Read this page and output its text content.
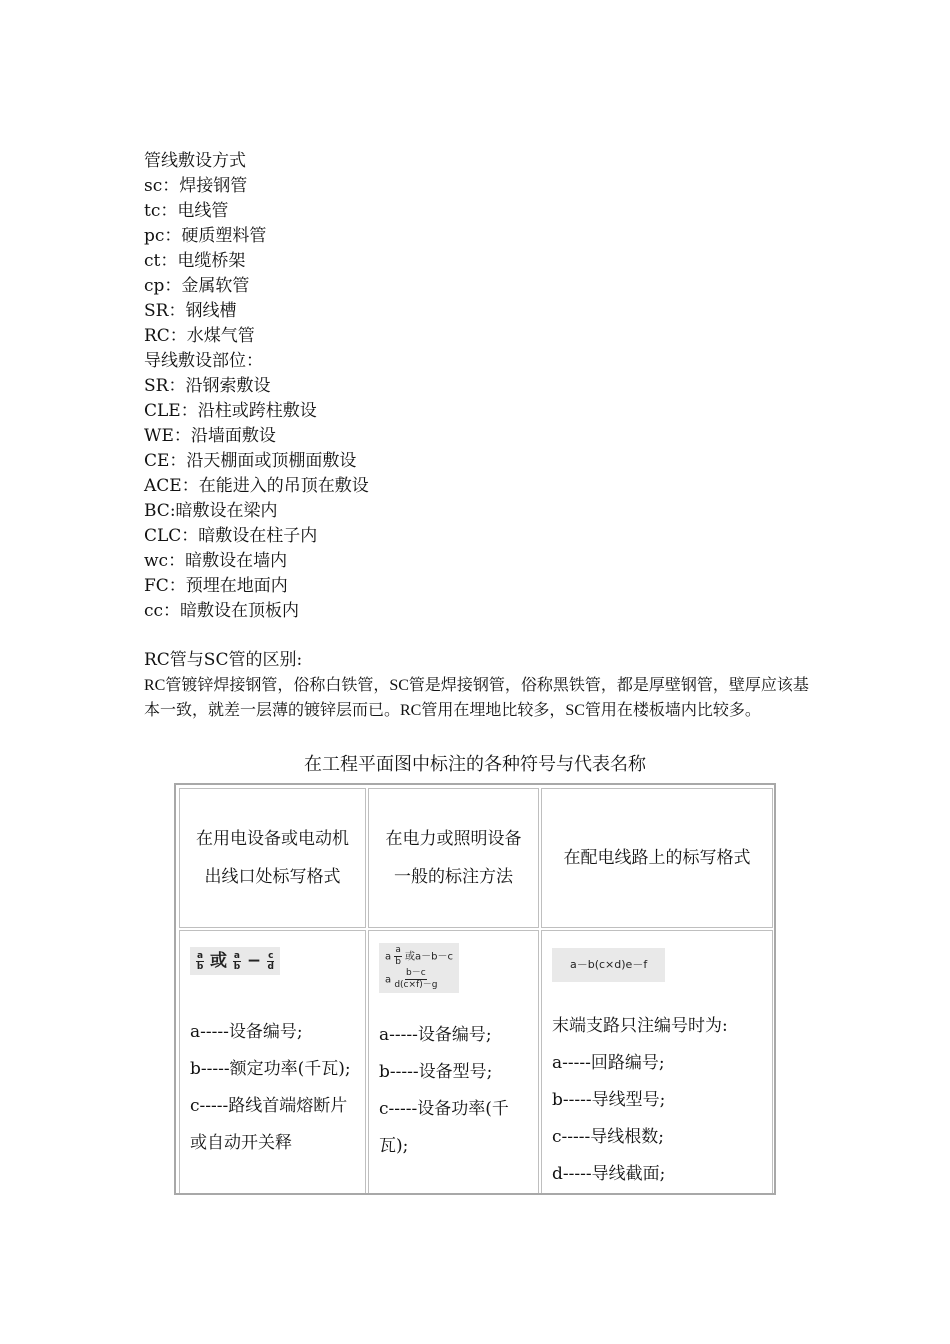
管线敷设方式
sc：焊接钢管
tc：电线管
pc：硬质塑料管
ct：电缆桥架
cp：金属软管
SR：钢线槽
RC：水煤气管
导线敷设部位：
SR：沿钢索敷设
CLE：沿柱或跨柱敷设
WE：沿墙面敷设
CE：沿天棚面或顶棚面敷设
ACE：在能进入的吊顶在敷设
BC:暗敷设在梁内
CLC：暗敷设在柱子内
wc：暗敷设在墙内
FC：预埋在地面内
cc：暗敷设在顶板内
RC管与SC管的区别:
RC管镀锌焊接钢管，俗称白铁管，SC管是焊接钢管，俗称黑铁管，都是厚壁钢管，壁厚应该基本一致，就差一层薄的镀锌层而已。RC管用在埋地比较多，SC管用在楼板墙内比较多。
在工程平面图中标注的各种符号与代表名称
在用电设备或电动机出线口处标写格式
在电力或照明设备一般的标注方法
在配电线路上的标写格式
$\frac{a}{b}$ 或 $\frac{a}{b} - \frac{c}{d}$
a-----设备编号;
b-----额定功率(千瓦);
c-----路线首端熔断片或自动开关释
a $\frac{a}{b}$ 或a－b－c
a $\frac{b-c}{d(c\times f)-g}$
a-----设备编号;
b-----设备型号;
c-----设备功率(千瓦);
a－b(c×d)e－f
末端支路只注编号时为:
a-----回路编号;
b-----导线型号;
c-----导线根数;
d-----导线截面;
